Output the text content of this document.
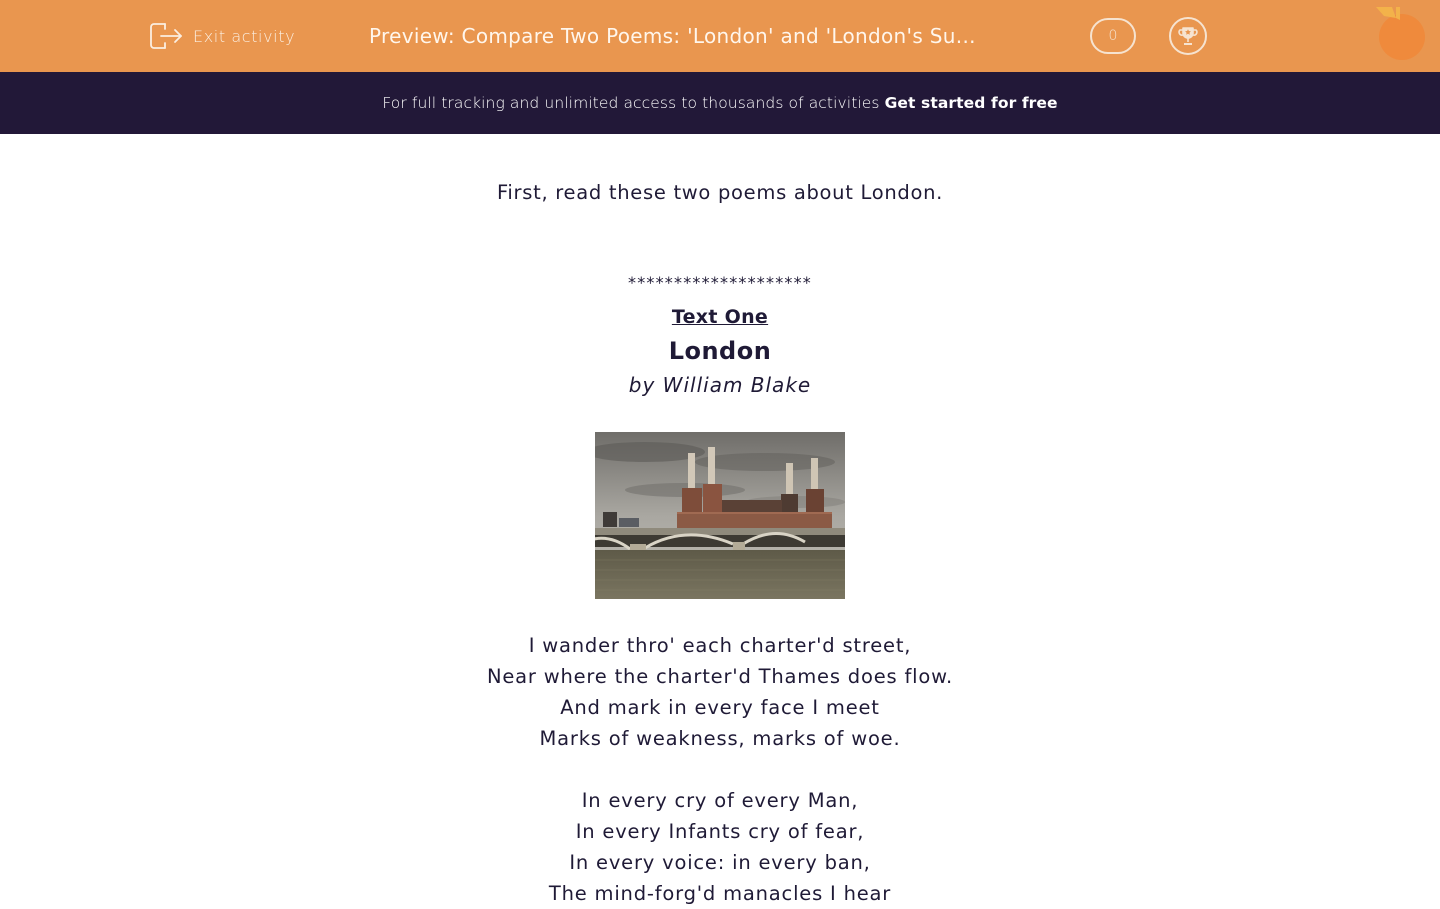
Exit activity	Preview: Compare Two Poems: 'London' and 'London's Su…	0
For full tracking and unlimited access to thousands of activities Get started for free

First, read these two poems about London.

********************
Text One
London
by William Blake

I wander thro' each charter'd street,

Near where the charter'd Thames does flow.

And mark in every face I meet

Marks of weakness, marks of woe.

In every cry of every Man,

In every Infants cry of fear,

In every voice: in every ban,

The mind-forg'd manacles I hear
